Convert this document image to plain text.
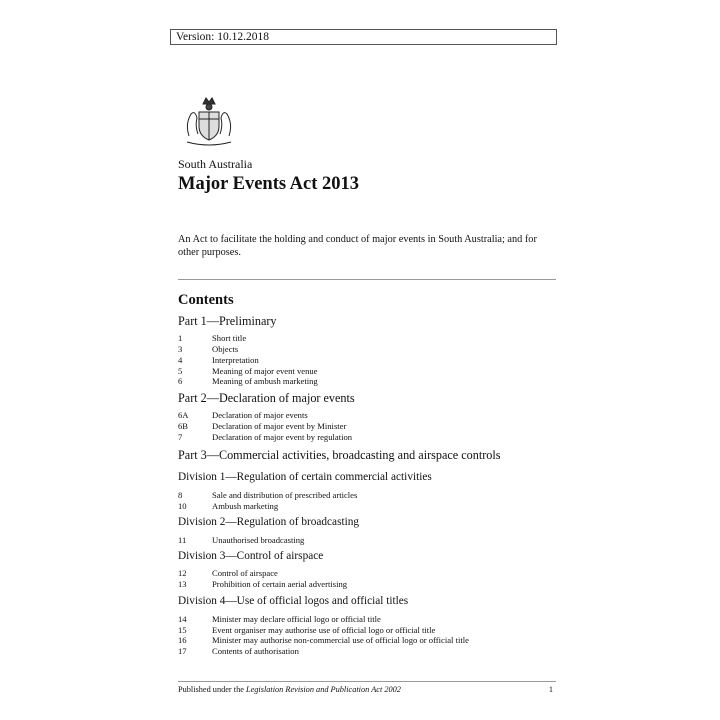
Version: 10.12.2018
South Australia
Major Events Act 2013
An Act to facilitate the holding and conduct of major events in South Australia; and for other purposes.
Contents
Part 1—Preliminary
1	Short title
3	Objects
4	Interpretation
5	Meaning of major event venue
6	Meaning of ambush marketing
Part 2—Declaration of major events
6A	Declaration of major events
6B	Declaration of major event by Minister
7	Declaration of major event by regulation
Part 3—Commercial activities, broadcasting and airspace controls
Division 1—Regulation of certain commercial activities
8	Sale and distribution of prescribed articles
10	Ambush marketing
Division 2—Regulation of broadcasting
11	Unauthorised broadcasting
Division 3—Control of airspace
12	Control of airspace
13	Prohibition of certain aerial advertising
Division 4—Use of official logos and official titles
14	Minister may declare official logo or official title
15	Event organiser may authorise use of official logo or official title
16	Minister may authorise non-commercial use of official logo or official title
17	Contents of authorisation
Published under the Legislation Revision and Publication Act 2002	1
